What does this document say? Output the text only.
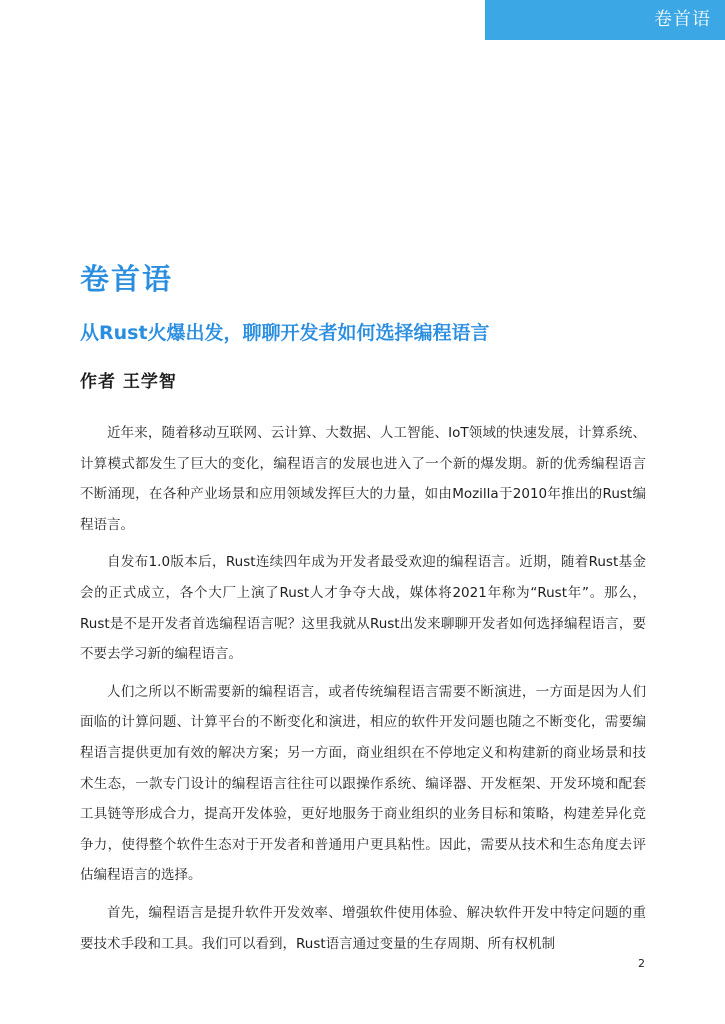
卷首语
卷首语
从Rust火爆出发，聊聊开发者如何选择编程语言

作者 王学智

近年来，随着移动互联网、云计算、大数据、人工智能、IoT领域的快速发展，计算系统、计算模式都发生了巨大的变化，编程语言的发展也进入了一个新的爆发期。新的优秀编程语言不断涌现，在各种产业场景和应用领域发挥巨大的力量，如由Mozilla于2010年推出的Rust编程语言。

自发布1.0版本后，Rust连续四年成为开发者最受欢迎的编程语言。近期，随着Rust基金会的正式成立，各个大厂上演了Rust人才争夺大战，媒体将2021年称为“Rust年”。那么，Rust是不是开发者首选编程语言呢？这里我就从Rust出发来聊聊开发者如何选择编程语言，要不要去学习新的编程语言。

人们之所以不断需要新的编程语言，或者传统编程语言需要不断演进，一方面是因为人们面临的计算问题、计算平台的不断变化和演进，相应的软件开发问题也随之不断变化，需要编程语言提供更加有效的解决方案；另一方面，商业组织在不停地定义和构建新的商业场景和技术生态，一款专门设计的编程语言往往可以跟操作系统、编译器、开发框架、开发环境和配套工具链等形成合力，提高开发体验，更好地服务于商业组织的业务目标和策略，构建差异化竞争力，使得整个软件生态对于开发者和普通用户更具粘性。因此，需要从技术和生态角度去评估编程语言的选择。

首先，编程语言是提升软件开发效率、增强软件使用体验、解决软件开发中特定问题的重要技术手段和工具。我们可以看到，Rust语言通过变量的生存周期、所有权机制

2
